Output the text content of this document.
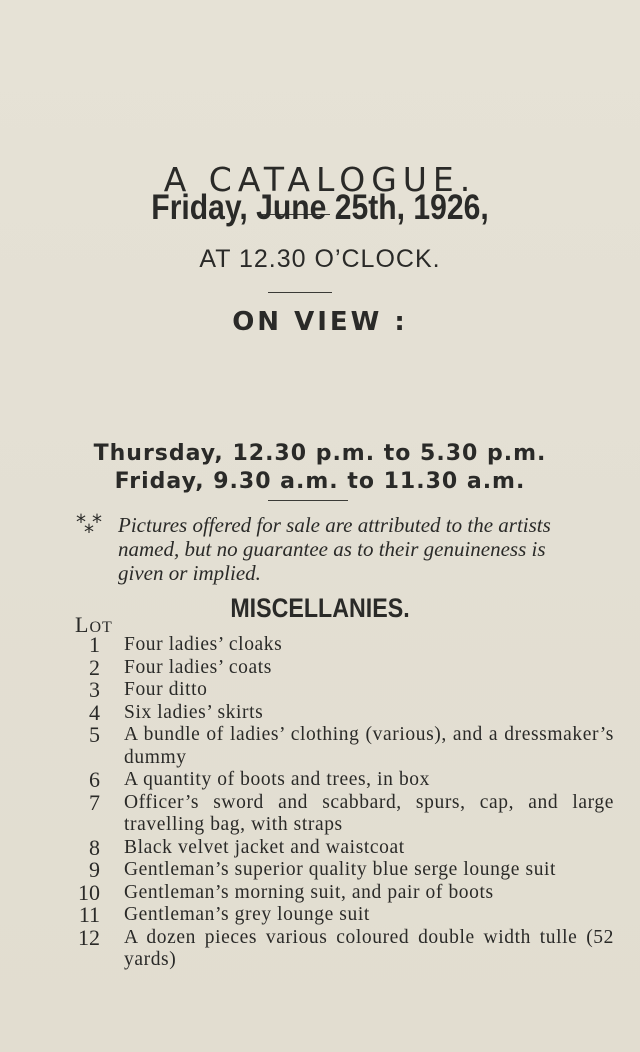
A CATALOGUE.
Friday, June 25th, 1926,
AT 12.30 O’CLOCK.
ON VIEW :
Thursday, 12.30 p.m. to 5.30 p.m.
Friday, 9.30 a.m. to 11.30 a.m.
* *
*	Pictures offered for sale are attributed to the artists
named, but no guarantee as to their genuineness is
given or implied.
MISCELLANIES.
LOT
1 Four ladies’ cloaks
2 Four ladies’ coats
3 Four ditto
4 Six ladies’ skirts
5 A bundle of ladies’ clothing (various), and a dressmaker’s dummy
6 A quantity of boots and trees, in box
7 Officer’s sword and scabbard, spurs, cap, and large travelling bag, with straps
8 Black velvet jacket and waistcoat
9 Gentleman’s superior quality blue serge lounge suit
10 Gentleman’s morning suit, and pair of boots
11 Gentleman’s grey lounge suit
12 A dozen pieces various coloured double width tulle (52 yards)
